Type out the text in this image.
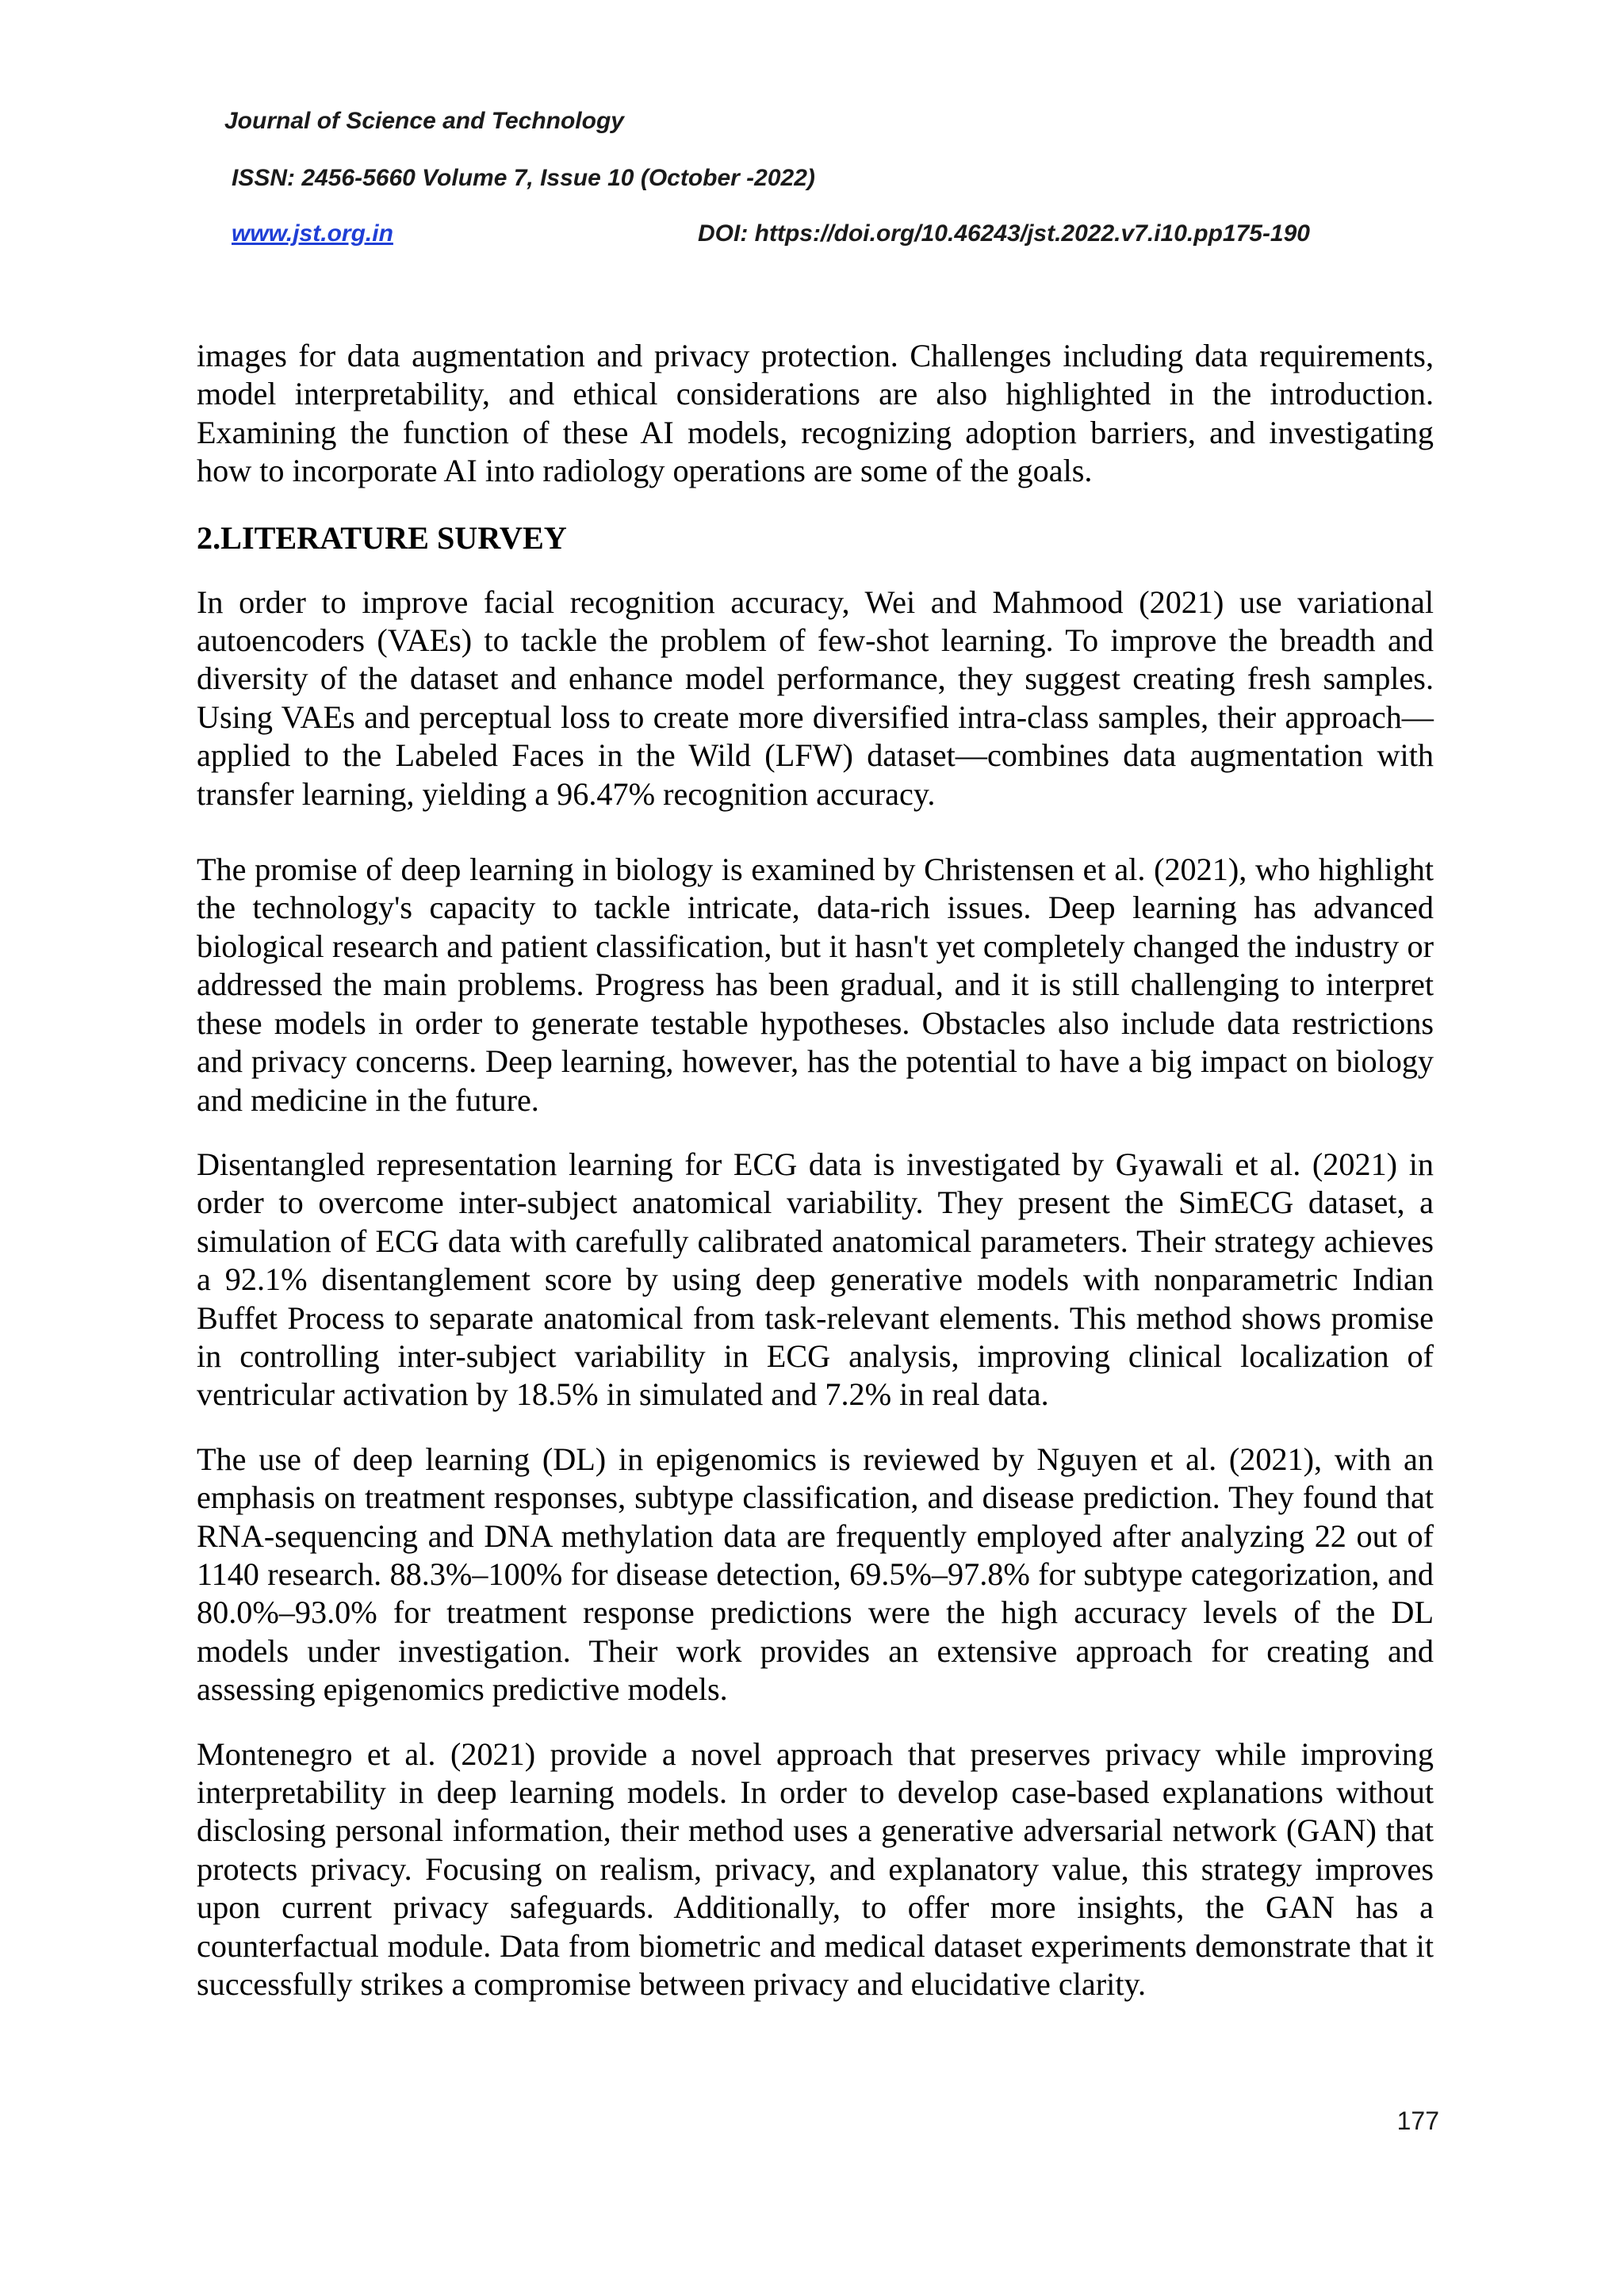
Journal of Science and Technology
ISSN: 2456-5660 Volume 7, Issue 10 (October -2022)
www.jst.org.in	DOI: https://doi.org/10.46243/jst.2022.v7.i10.pp175-190

images for data augmentation and privacy protection. Challenges including data requirements, model interpretability, and ethical considerations are also highlighted in the introduction. Examining the function of these AI models, recognizing adoption barriers, and investigating how to incorporate AI into radiology operations are some of the goals.

2.LITERATURE SURVEY

In order to improve facial recognition accuracy, Wei and Mahmood (2021) use variational autoencoders (VAEs) to tackle the problem of few-shot learning. To improve the breadth and diversity of the dataset and enhance model performance, they suggest creating fresh samples. Using VAEs and perceptual loss to create more diversified intra-class samples, their approach—applied to the Labeled Faces in the Wild (LFW) dataset—combines data augmentation with transfer learning, yielding a 96.47% recognition accuracy.

The promise of deep learning in biology is examined by Christensen et al. (2021), who highlight the technology's capacity to tackle intricate, data-rich issues. Deep learning has advanced biological research and patient classification, but it hasn't yet completely changed the industry or addressed the main problems. Progress has been gradual, and it is still challenging to interpret these models in order to generate testable hypotheses. Obstacles also include data restrictions and privacy concerns. Deep learning, however, has the potential to have a big impact on biology and medicine in the future.

Disentangled representation learning for ECG data is investigated by Gyawali et al. (2021) in order to overcome inter-subject anatomical variability. They present the SimECG dataset, a simulation of ECG data with carefully calibrated anatomical parameters. Their strategy achieves a 92.1% disentanglement score by using deep generative models with nonparametric Indian Buffet Process to separate anatomical from task-relevant elements. This method shows promise in controlling inter-subject variability in ECG analysis, improving clinical localization of ventricular activation by 18.5% in simulated and 7.2% in real data.

The use of deep learning (DL) in epigenomics is reviewed by Nguyen et al. (2021), with an emphasis on treatment responses, subtype classification, and disease prediction. They found that RNA-sequencing and DNA methylation data are frequently employed after analyzing 22 out of 1140 research. 88.3%–100% for disease detection, 69.5%–97.8% for subtype categorization, and 80.0%–93.0% for treatment response predictions were the high accuracy levels of the DL models under investigation. Their work provides an extensive approach for creating and assessing epigenomics predictive models.

Montenegro et al. (2021) provide a novel approach that preserves privacy while improving interpretability in deep learning models. In order to develop case-based explanations without disclosing personal information, their method uses a generative adversarial network (GAN) that protects privacy. Focusing on realism, privacy, and explanatory value, this strategy improves upon current privacy safeguards. Additionally, to offer more insights, the GAN has a counterfactual module. Data from biometric and medical dataset experiments demonstrate that it successfully strikes a compromise between privacy and elucidative clarity.

177
